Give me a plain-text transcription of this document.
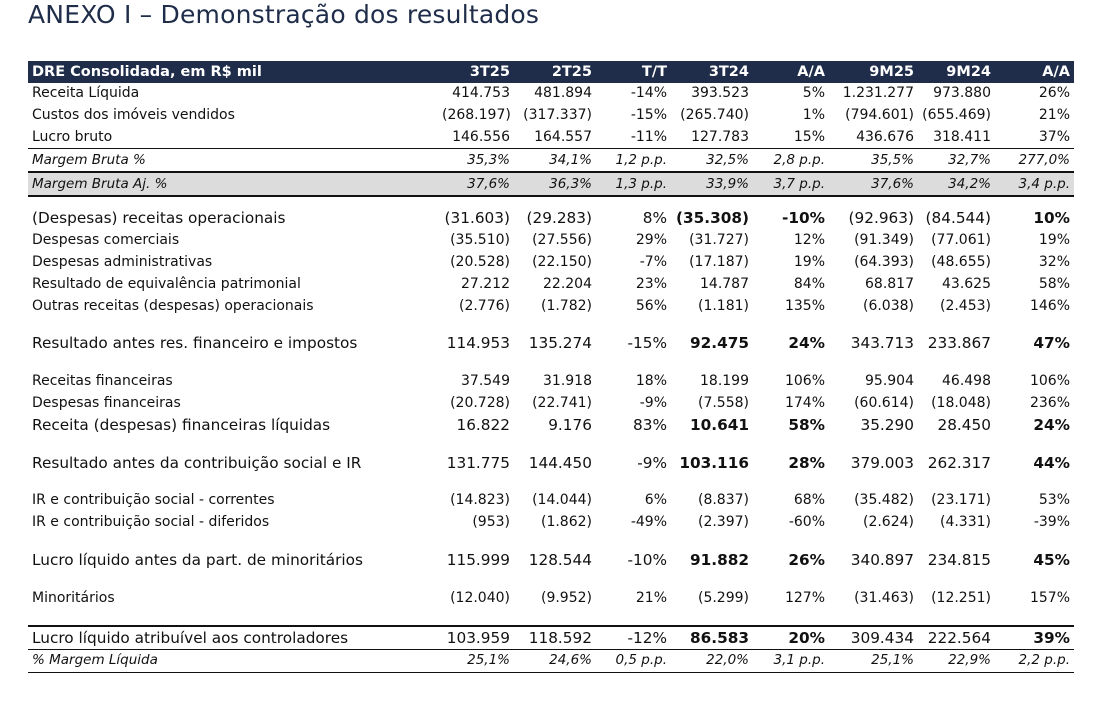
ANEXO I – Demonstração dos resultados
DRE Consolidada, em R$ mil	3T25	2T25	T/T	3T24	A/A	9M25	9M24	A/A
Receita Líquida	414.753	481.894	-14%	393.523	5%	1.231.277	973.880	26%
Custos dos imóveis vendidos	(268.197)	(317.337)	-15%	(265.740)	1%	(794.601)	(655.469)	21%
Lucro bruto	146.556	164.557	-11%	127.783	15%	436.676	318.411	37%
Margem Bruta %	35,3%	34,1%	1,2 p.p.	32,5%	2,8 p.p.	35,5%	32,7%	277,0%
Margem Bruta Aj. %	37,6%	36,3%	1,3 p.p.	33,9%	3,7 p.p.	37,6%	34,2%	3,4 p.p.

(Despesas) receitas operacionais	(31.603)	(29.283)	8%	(35.308)	-10%	(92.963)	(84.544)	10%
Despesas comerciais	(35.510)	(27.556)	29%	(31.727)	12%	(91.349)	(77.061)	19%
Despesas administrativas	(20.528)	(22.150)	-7%	(17.187)	19%	(64.393)	(48.655)	32%
Resultado de equivalência patrimonial	27.212	22.204	23%	14.787	84%	68.817	43.625	58%
Outras receitas (despesas) operacionais	(2.776)	(1.782)	56%	(1.181)	135%	(6.038)	(2.453)	146%

Resultado antes res. financeiro e impostos	114.953	135.274	-15%	92.475	24%	343.713	233.867	47%

Receitas financeiras	37.549	31.918	18%	18.199	106%	95.904	46.498	106%
Despesas financeiras	(20.728)	(22.741)	-9%	(7.558)	174%	(60.614)	(18.048)	236%
Receita (despesas) financeiras líquidas	16.822	9.176	83%	10.641	58%	35.290	28.450	24%

Resultado antes da contribuição social e IR	131.775	144.450	-9%	103.116	28%	379.003	262.317	44%

IR e contribuição social - correntes	(14.823)	(14.044)	6%	(8.837)	68%	(35.482)	(23.171)	53%
IR e contribuição social - diferidos	(953)	(1.862)	-49%	(2.397)	-60%	(2.624)	(4.331)	-39%

Lucro líquido antes da part. de minoritários	115.999	128.544	-10%	91.882	26%	340.897	234.815	45%

Minoritários	(12.040)	(9.952)	21%	(5.299)	127%	(31.463)	(12.251)	157%

Lucro líquido atribuível aos controladores	103.959	118.592	-12%	86.583	20%	309.434	222.564	39%
% Margem Líquida	25,1%	24,6%	0,5 p.p.	22,0%	3,1 p.p.	25,1%	22,9%	2,2 p.p.
